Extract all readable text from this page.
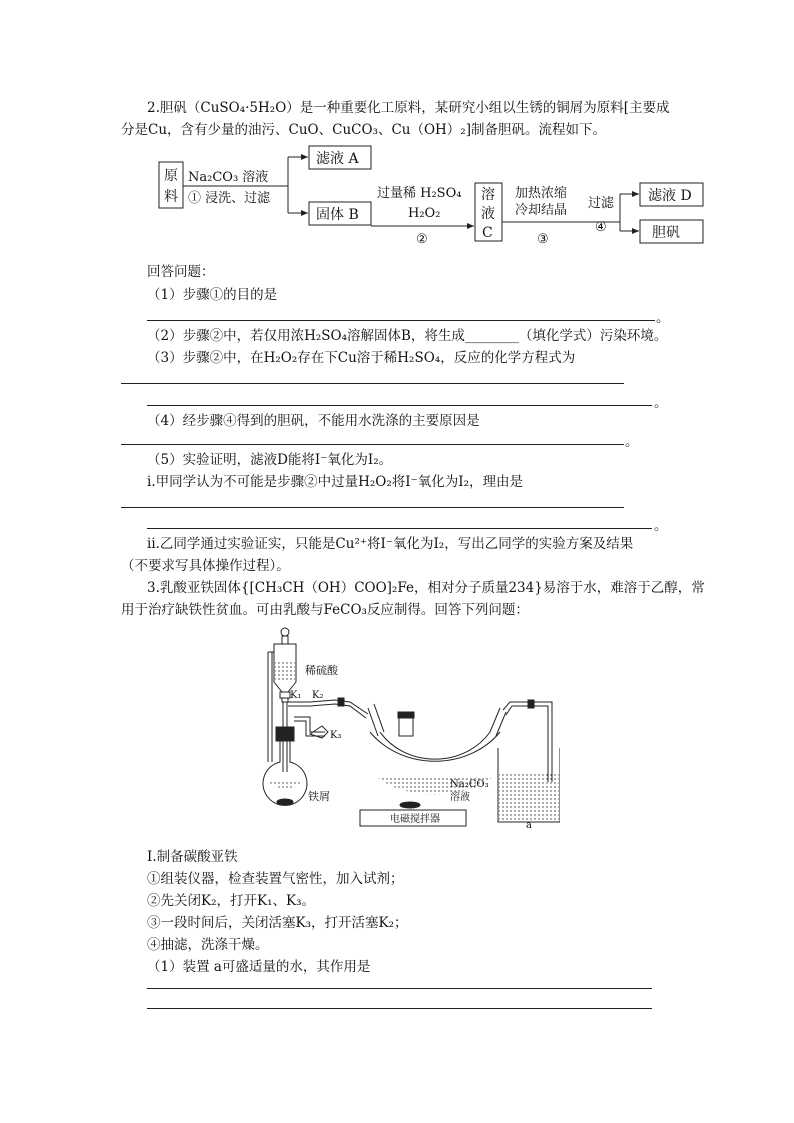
2.胆矾（CuSO₄·5H₂O）是一种重要化工原料，某研究小组以生锈的铜屑为原料[主要成
分是Cu，含有少量的油污、CuO、CuCO₃、Cu（OH）₂]制备胆矾。流程如下。
原
料
Na₂CO₃ 溶液
① 浸洗、过滤
滤液 A
固体 B
过量稀 H₂SO₄
H₂O₂
②
溶
液
C
加热浓缩
冷却结晶
③
过滤
④
滤液 D
胆矾
回答问题：
（1）步骤①的目的是
。
（2）步骤②中，若仅用浓H₂SO₄溶解固体B，将生成________（填化学式）污染环境。
（3）步骤②中，在H₂O₂存在下Cu溶于稀H₂SO₄，反应的化学方程式为
。
（4）经步骤④得到的胆矾，不能用水洗涤的主要原因是
。
（5）实验证明，滤液D能将I⁻氧化为I₂。
ⅰ.甲同学认为不可能是步骤②中过量H₂O₂将I⁻氧化为I₂，理由是
。
ⅱ.乙同学通过实验证实，只能是Cu²⁺将I⁻氧化为I₂，写出乙同学的实验方案及结果
（不要求写具体操作过程）。
3.乳酸亚铁固体{[CH₃CH（OH）COO]₂Fe，相对分子质量234}易溶于水，难溶于乙醇，常
用于治疗缺铁性贫血。可由乳酸与FeCO₃反应制得。回答下列问题：
稀硫酸
K₁ K₂
K₃
铁屑
Na₂CO₃
溶液
电磁搅拌器
a
Ⅰ.制备碳酸亚铁
①组装仪器，检查装置气密性，加入试剂；
②先关闭K₂，打开K₁、K₃。
③一段时间后，关闭活塞K₃，打开活塞K₂；
④抽滤，洗涤干燥。
（1）装置 a可盛适量的水，其作用是
